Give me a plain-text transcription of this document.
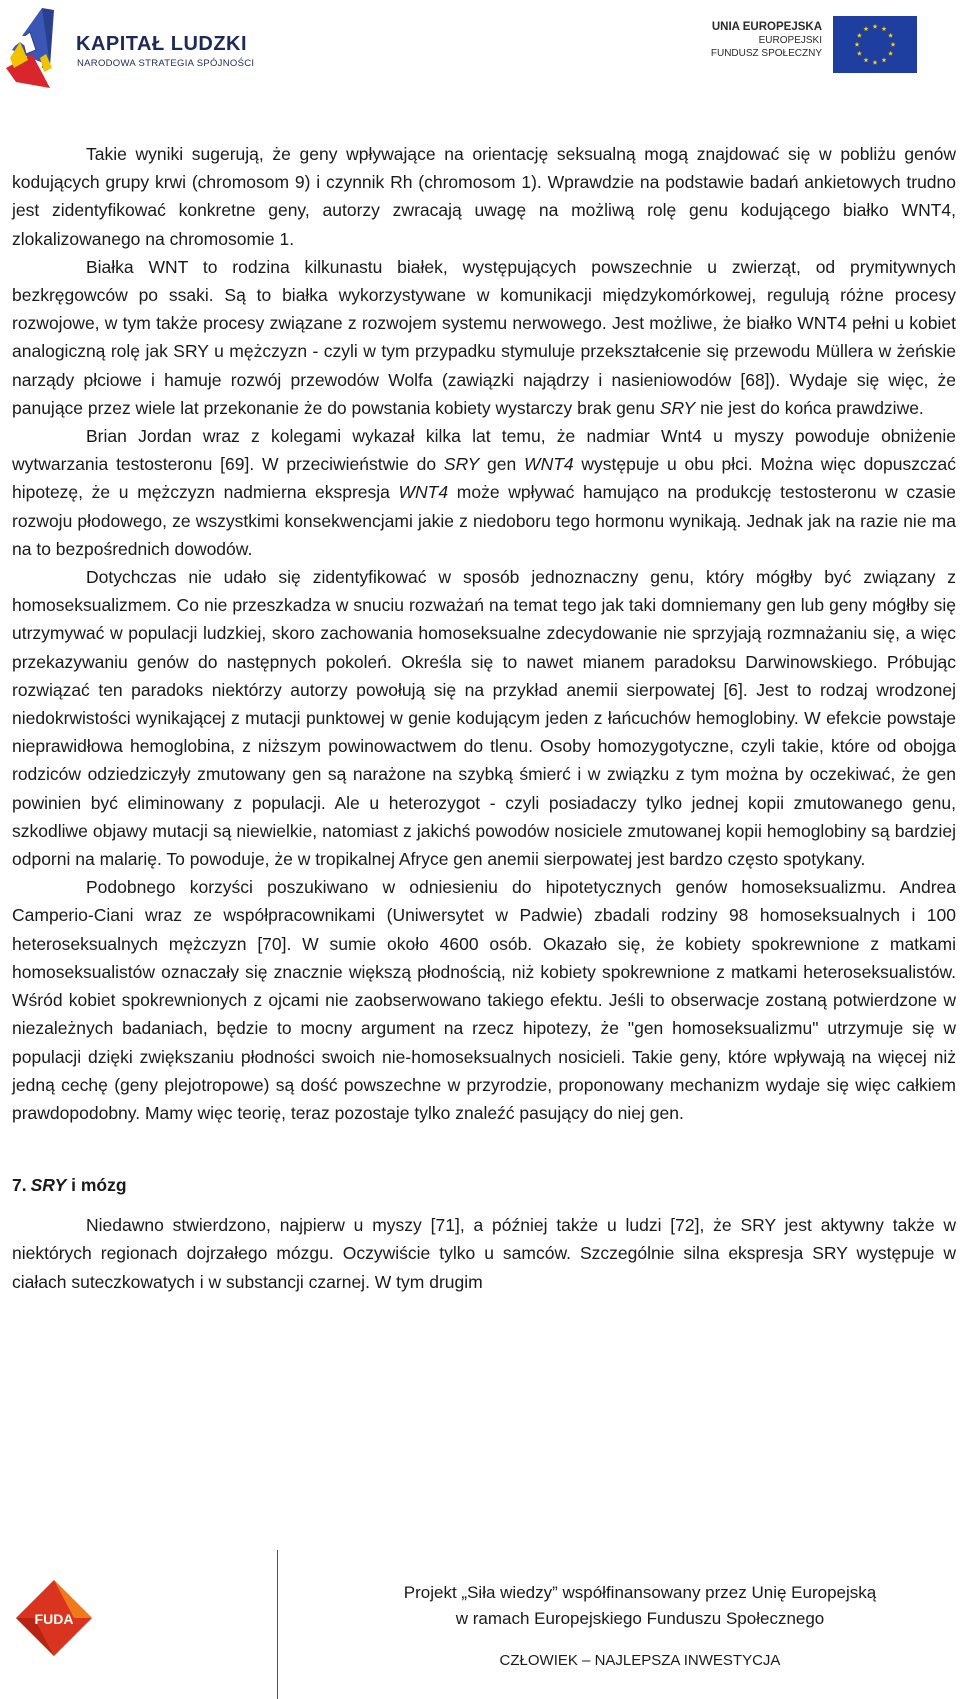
KAPITAŁ LUDZKI
NARODOWA STRATEGIA SPÓJNOŚCI
UNIA EUROPEJSKA
EUROPEJSKI
FUNDUSZ SPOŁECZNY

Takie wyniki sugerują, że geny wpływające na orientację seksualną mogą znajdować się w pobliżu genów kodujących grupy krwi (chromosom 9) i czynnik Rh (chromosom 1). Wprawdzie na podstawie badań ankietowych trudno jest zidentyfikować konkretne geny, autorzy zwracają uwagę na możliwą rolę genu kodującego białko WNT4, zlokalizowanego na chromosomie 1.

Białka WNT to rodzina kilkunastu białek, występujących powszechnie u zwierząt, od prymitywnych bezkręgowców po ssaki. Są to białka wykorzystywane w komunikacji międzykomórkowej, regulują różne procesy rozwojowe, w tym także procesy związane z rozwojem systemu nerwowego. Jest możliwe, że białko WNT4 pełni u kobiet analogiczną rolę jak SRY u mężczyzn - czyli w tym przypadku stymuluje przekształcenie się przewodu Müllera w żeńskie narządy płciowe i hamuje rozwój przewodów Wolfa (zawiązki najądrzy i nasieniowodów [68]). Wydaje się więc, że panujące przez wiele lat przekonanie że do powstania kobiety wystarczy brak genu SRY nie jest do końca prawdziwe.

Brian Jordan wraz z kolegami wykazał kilka lat temu, że nadmiar Wnt4 u myszy powoduje obniżenie wytwarzania testosteronu [69]. W przeciwieństwie do SRY gen WNT4 występuje u obu płci. Można więc dopuszczać hipotezę, że u mężczyzn nadmierna ekspresja WNT4 może wpływać hamująco na produkcję testosteronu w czasie rozwoju płodowego, ze wszystkimi konsekwencjami jakie z niedoboru tego hormonu wynikają. Jednak jak na razie nie ma na to bezpośrednich dowodów.

Dotychczas nie udało się zidentyfikować w sposób jednoznaczny genu, który mógłby być związany z homoseksualizmem. Co nie przeszkadza w snuciu rozważań na temat tego jak taki domniemany gen lub geny mógłby się utrzymywać w populacji ludzkiej, skoro zachowania homoseksualne zdecydowanie nie sprzyjają rozmnażaniu się, a więc przekazywaniu genów do następnych pokoleń. Określa się to nawet mianem paradoksu Darwinowskiego. Próbując rozwiązać ten paradoks niektórzy autorzy powołują się na przykład anemii sierpowatej [6]. Jest to rodzaj wrodzonej niedokrwistości wynikającej z mutacji punktowej w genie kodującym jeden z łańcuchów hemoglobiny. W efekcie powstaje nieprawidłowa hemoglobina, z niższym powinowactwem do tlenu. Osoby homozygotyczne, czyli takie, które od obojga rodziców odziedziczyły zmutowany gen są narażone na szybką śmierć i w związku z tym można by oczekiwać, że gen powinien być eliminowany z populacji. Ale u heterozygot - czyli posiadaczy tylko jednej kopii zmutowanego genu, szkodliwe objawy mutacji są niewielkie, natomiast z jakichś powodów nosiciele zmutowanej kopii hemoglobiny są bardziej odporni na malarię. To powoduje, że w tropikalnej Afryce gen anemii sierpowatej jest bardzo często spotykany.

Podobnego korzyści poszukiwano w odniesieniu do hipotetycznych genów homoseksualizmu. Andrea Camperio-Ciani wraz ze współpracownikami (Uniwersytet w Padwie) zbadali rodziny 98 homoseksualnych i 100 heteroseksualnych mężczyzn [70]. W sumie około 4600 osób. Okazało się, że kobiety spokrewnione z matkami homoseksualistów oznaczały się znacznie większą płodnością, niż kobiety spokrewnione z matkami heteroseksualistów. Wśród kobiet spokrewnionych z ojcami nie zaobserwowano takiego efektu. Jeśli to obserwacje zostaną potwierdzone w niezależnych badaniach, będzie to mocny argument na rzecz hipotezy, że "gen homoseksualizmu" utrzymuje się w populacji dzięki zwiększaniu płodności swoich nie-homoseksualnych nosicieli. Takie geny, które wpływają na więcej niż jedną cechę (geny plejotropowe) są dość powszechne w przyrodzie, proponowany mechanizm wydaje się więc całkiem prawdopodobny. Mamy więc teorię, teraz pozostaje tylko znaleźć pasujący do niej gen.

7. SRY i mózg

Niedawno stwierdzono, najpierw u myszy [71], a później także u ludzi [72], że SRY jest aktywny także w niektórych regionach dojrzałego mózgu. Oczywiście tylko u samców. Szczególnie silna ekspresja SRY występuje w ciałach suteczkowatych i w substancji czarnej. W tym drugim

FUDA
Projekt „Siła wiedzy” współfinansowany przez Unię Europejską
w ramach Europejskiego Funduszu Społecznego
CZŁOWIEK – NAJLEPSZA INWESTYCJA
